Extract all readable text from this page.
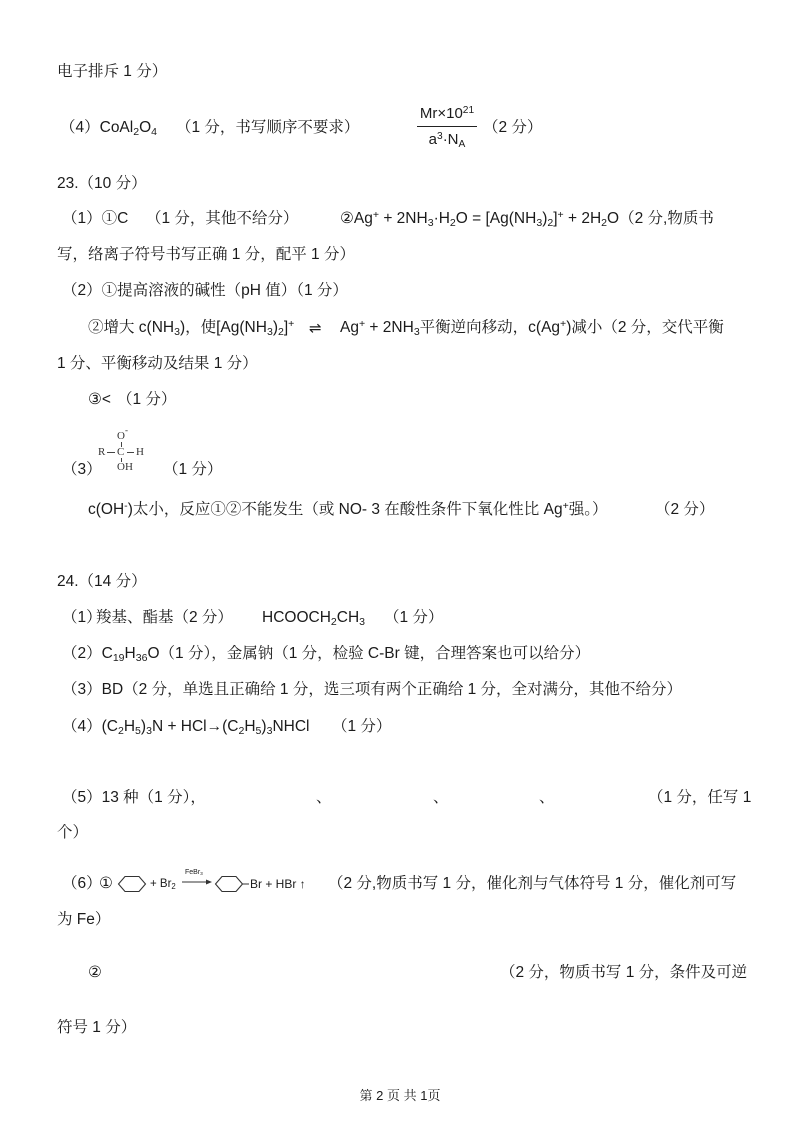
电子排斥 1 分）
$(4)CoAl_2O_4$ （1 分，书写顺序不要求）
$Mr\times 10^{21}$
$a^3\cdot N_A$
（2 分）
23.（10 分）
（1）①C （1 分，其他不给分）	②Ag+ + $2NH_3\cdot H_2O = [Ag(NH_3)_2]^+ + 2H_2O(2$ 分,物质书
写，络离子符号书写正确 1 分，配平 1 分）
（2）①提高溶液的碱性（pH 值）（1 分）
②增大 $c(NH_3)$，使$[Ag(NH_3)_2]^+$ ⇌ $Ag^+ + 2NH_3$平衡逆向移动，c(Ag+)减小（2 分，交代平衡
1 分、平衡移动及结果 1 分）
③< （1 分）
（3）
O -
R C H
OH （1 分）
c(OH-)太小，反应①②不能发生（或 NO- 3 在酸性条件下氧化性比 Ag+强。）	（2 分）
24.（14 分）
（1）
羧基、酯基（2 分） $HCOOCH_2CH_3$ （1 分）
$(2)C_{19}H_{36}O(1$ 分），金属钠（1 分，检验 C-Br 键，合理答案也可以给分）
（3）BD（2 分，单选且正确给 1 分，选三项有两个正确给 1 分，全对满分，其他不给分）
$(4)(C_2H_5)_3N$ + $HCl\to(C_2H_5)_3NHCl$ （1 分）
（5）13 种（1 分），	、	、	、	（1 分，任写 1
个）
（6）
①	+ $Br_2$
FeBr$_3$
Br + HBr ↑ （2 分,物质书写 1 分，催化剂与气体符号 1 分，催化剂可写
为 Fe）
②	（2 分，物质书写 1 分，条件及可逆
符号 1 分）
第 2 页 共 1页
